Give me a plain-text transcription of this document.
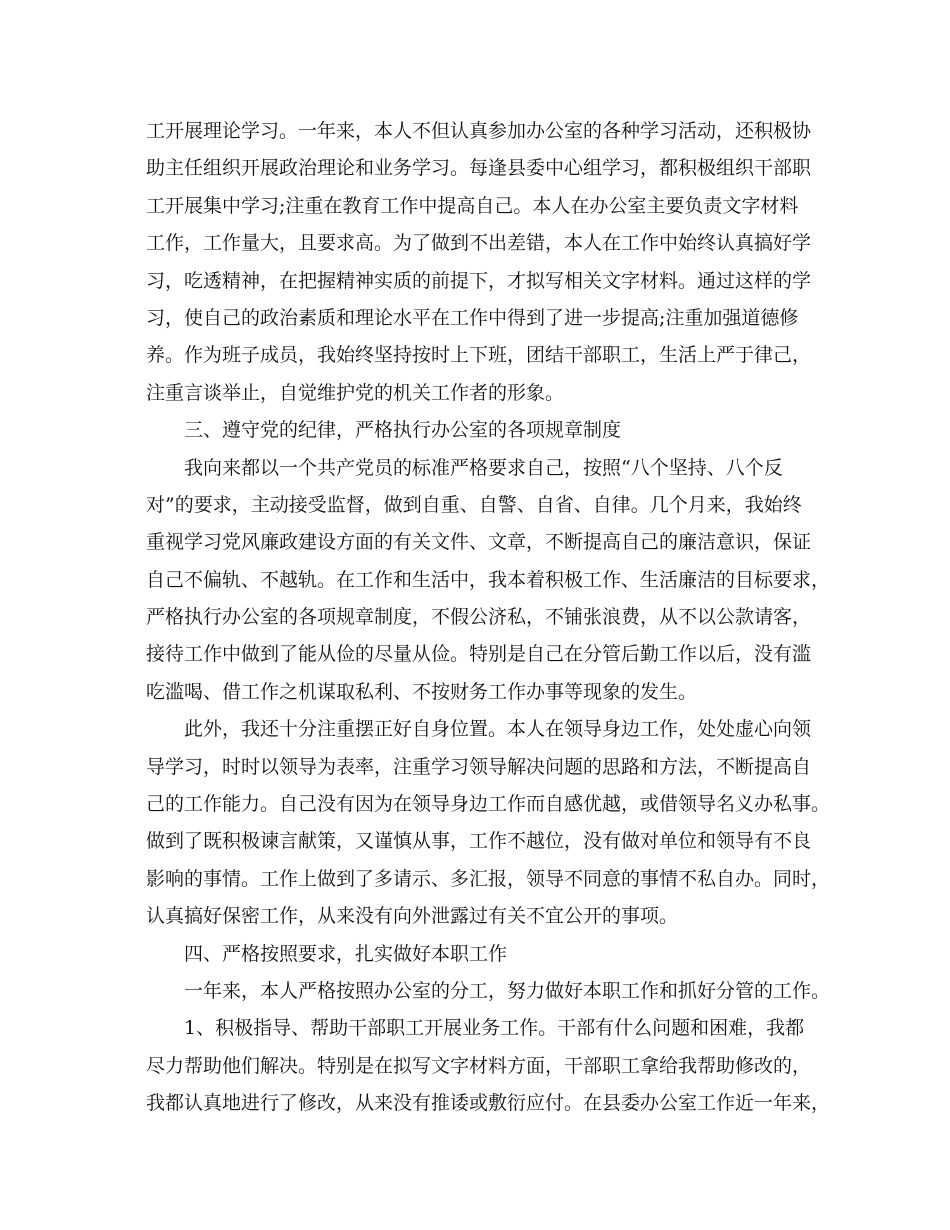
工开展理论学习。一年来，本人不但认真参加办公室的各种学习活动，还积极协
助主任组织开展政治理论和业务学习。每逢县委中心组学习，都积极组织干部职
工开展集中学习;注重在教育工作中提高自己。本人在办公室主要负责文字材料
工作，工作量大，且要求高。为了做到不出差错，本人在工作中始终认真搞好学
习，吃透精神，在把握精神实质的前提下，才拟写相关文字材料。通过这样的学
习，使自己的政治素质和理论水平在工作中得到了进一步提高;注重加强道德修
养。作为班子成员，我始终坚持按时上下班，团结干部职工，生活上严于律己，
注重言谈举止，自觉维护党的机关工作者的形象。
三、遵守党的纪律，严格执行办公室的各项规章制度
我向来都以一个共产党员的标准严格要求自己，按照“八个坚持、八个反
对”的要求，主动接受监督，做到自重、自警、自省、自律。几个月来，我始终
重视学习党风廉政建设方面的有关文件、文章，不断提高自己的廉洁意识，保证
自己不偏轨、不越轨。在工作和生活中，我本着积极工作、生活廉洁的目标要求，
严格执行办公室的各项规章制度，不假公济私，不铺张浪费，从不以公款请客，
接待工作中做到了能从俭的尽量从俭。特别是自己在分管后勤工作以后，没有滥
吃滥喝、借工作之机谋取私利、不按财务工作办事等现象的发生。
此外，我还十分注重摆正好自身位置。本人在领导身边工作，处处虚心向领
导学习，时时以领导为表率，注重学习领导解决问题的思路和方法，不断提高自
己的工作能力。自己没有因为在领导身边工作而自感优越，或借领导名义办私事。
做到了既积极谏言献策，又谨慎从事，工作不越位，没有做对单位和领导有不良
影响的事情。工作上做到了多请示、多汇报，领导不同意的事情不私自办。同时，
认真搞好保密工作，从来没有向外泄露过有关不宜公开的事项。
四、严格按照要求，扎实做好本职工作
一年来，本人严格按照办公室的分工，努力做好本职工作和抓好分管的工作。
1、积极指导、帮助干部职工开展业务工作。干部有什么问题和困难，我都
尽力帮助他们解决。特别是在拟写文字材料方面，干部职工拿给我帮助修改的，
我都认真地进行了修改，从来没有推诿或敷衍应付。在县委办公室工作近一年来，
